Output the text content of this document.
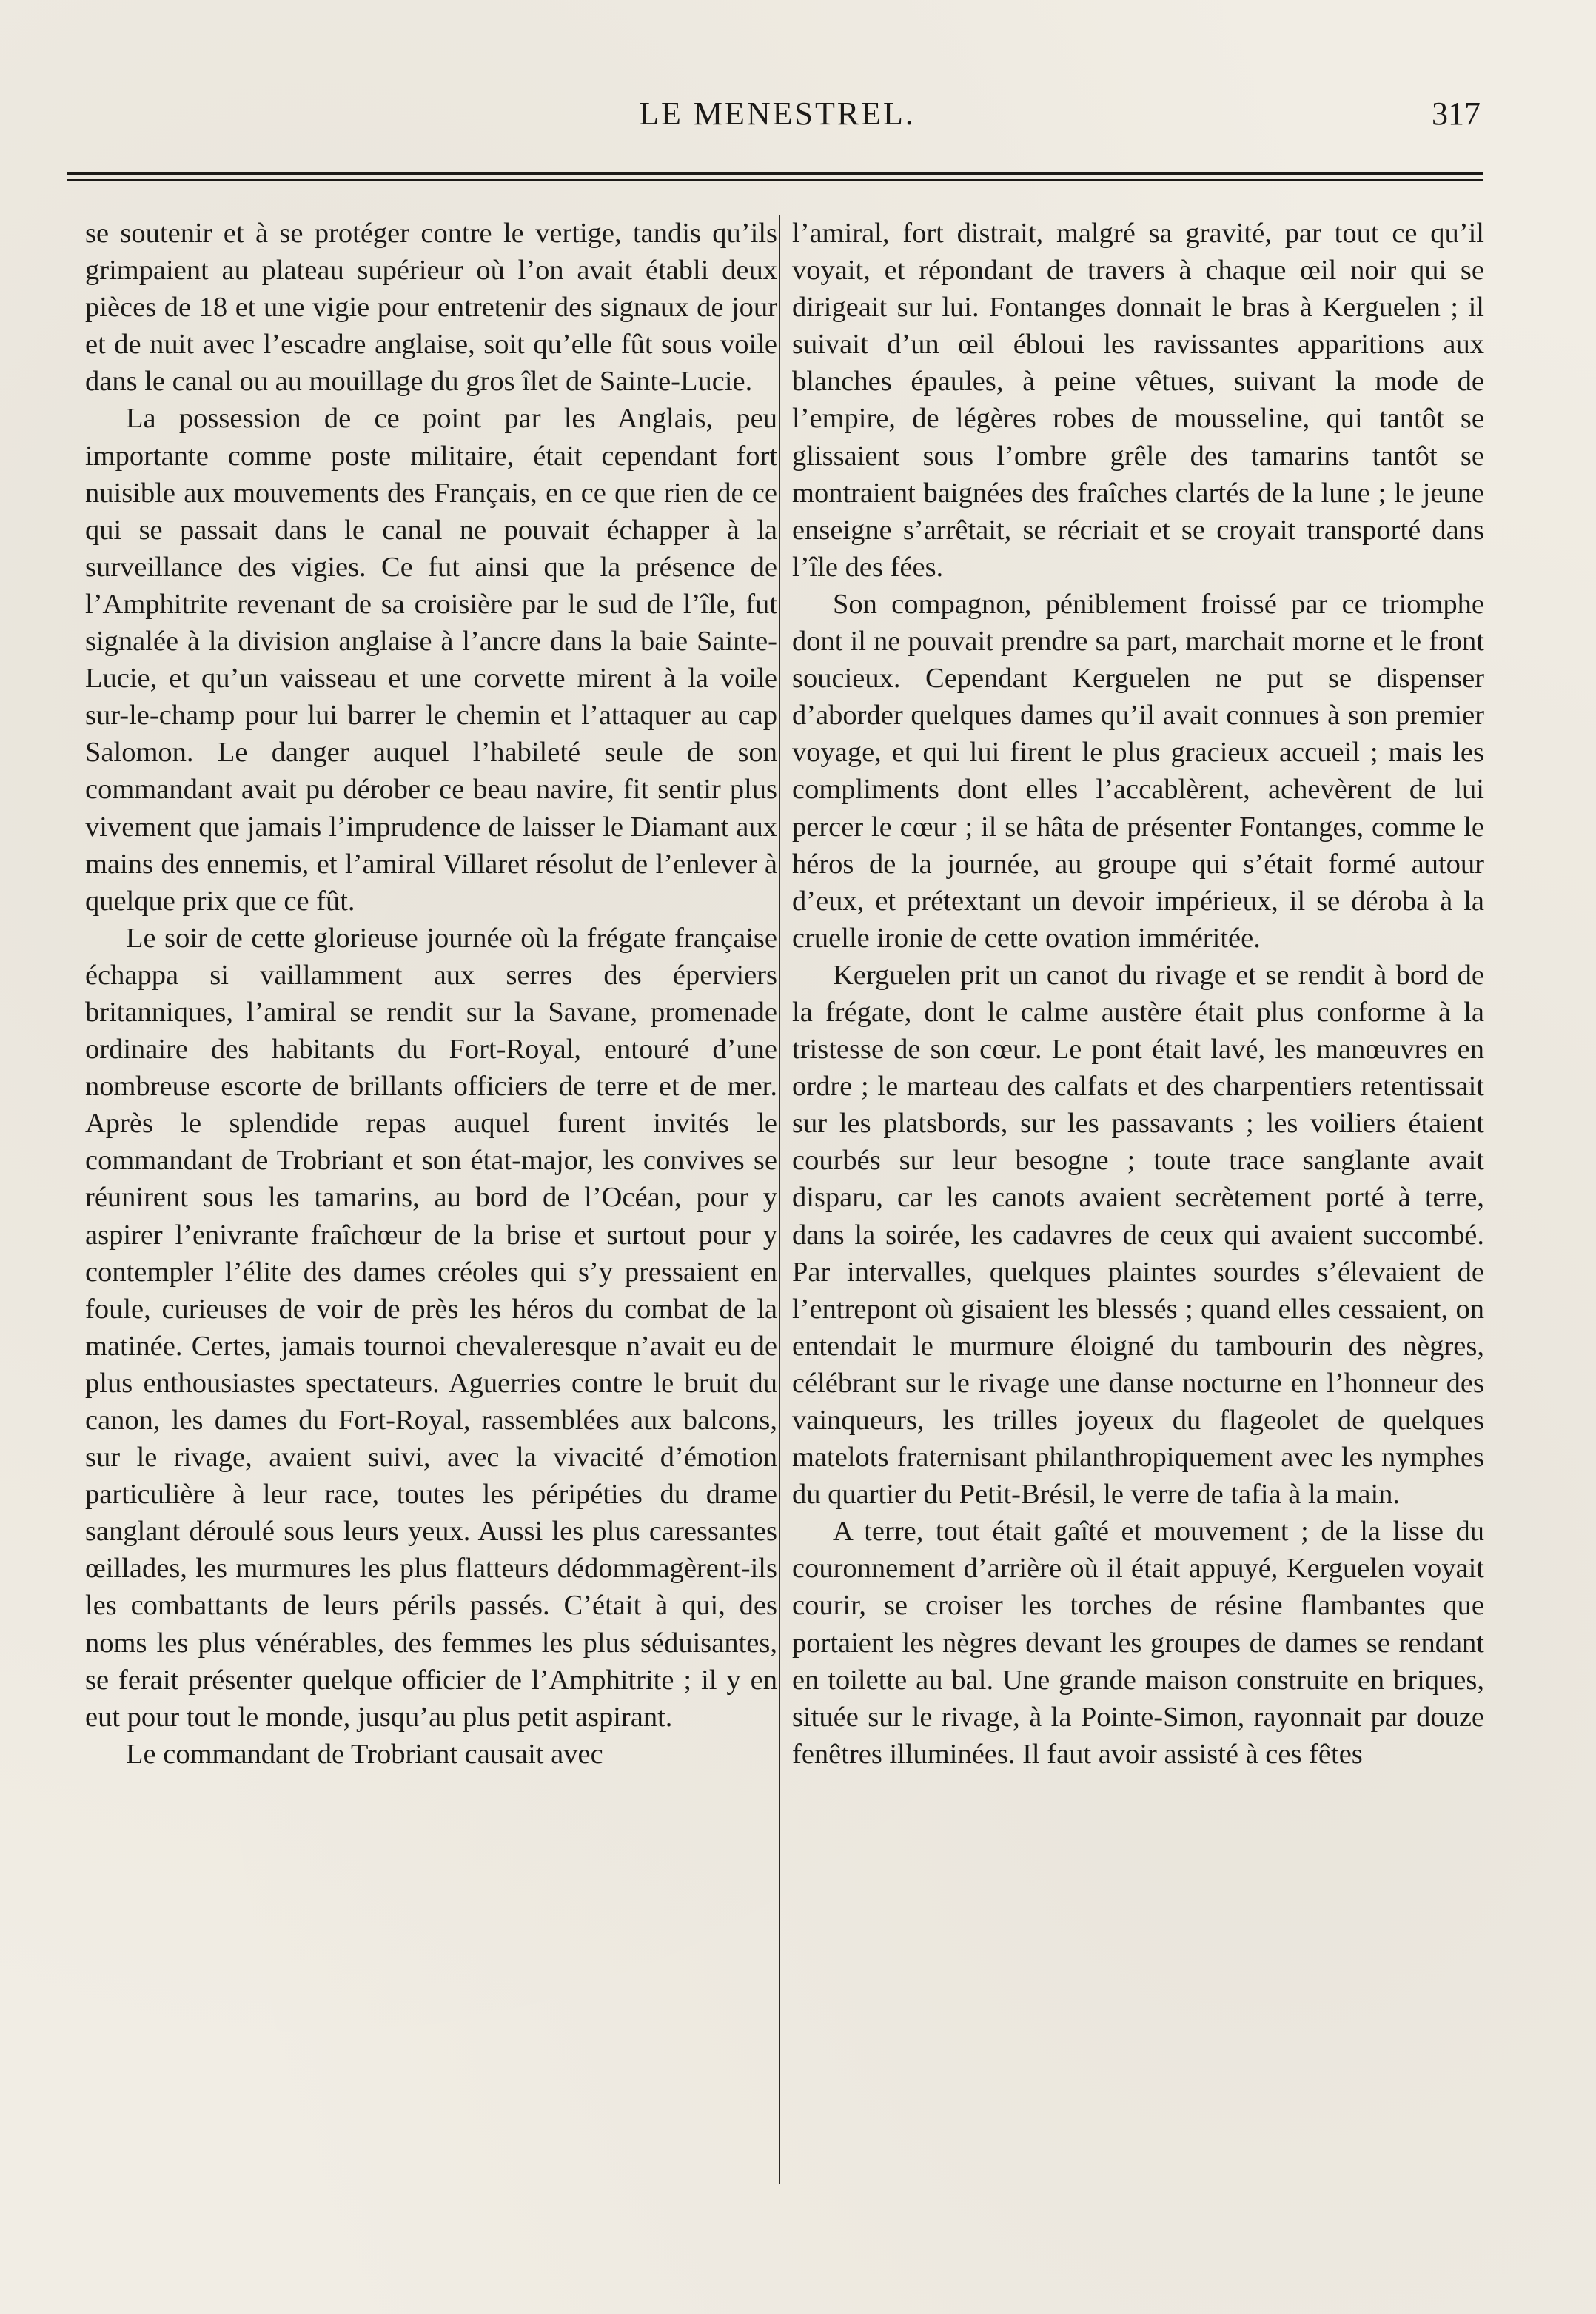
LE MENESTREL.	317

se soutenir et à se protéger contre le vertige, tandis qu’ils grimpaient au plateau supérieur où l’on avait établi deux pièces de 18 et une vigie pour entretenir des signaux de jour et de nuit avec l’escadre anglaise, soit qu’elle fût sous voile dans le canal ou au mouillage du gros îlet de Sainte-Lucie.

La possession de ce point par les Anglais, peu importante comme poste militaire, était cependant fort nuisible aux mouvements des Français, en ce que rien de ce qui se passait dans le canal ne pouvait échapper à la surveillance des vigies. Ce fut ainsi que la présence de l’Amphitrite revenant de sa croisière par le sud de l’île, fut signalée à la division anglaise à l’ancre dans la baie Sainte-Lucie, et qu’un vaisseau et une corvette mirent à la voile sur-le-champ pour lui barrer le chemin et l’attaquer au cap Salomon. Le danger auquel l’habileté seule de son commandant avait pu dérober ce beau navire, fit sentir plus vivement que jamais l’imprudence de laisser le Diamant aux mains des ennemis, et l’amiral Villaret résolut de l’enlever à quelque prix que ce fût.

Le soir de cette glorieuse journée où la frégate française échappa si vaillamment aux serres des éperviers britanniques, l’amiral se rendit sur la Savane, promenade ordinaire des habitants du Fort-Royal, entouré d’une nombreuse escorte de brillants officiers de terre et de mer. Après le splendide repas auquel furent invités le commandant de Trobriant et son état-major, les convives se réunirent sous les tamarins, au bord de l’Océan, pour y aspirer l’enivrante fraîchœur de la brise et surtout pour y contempler l’élite des dames créoles qui s’y pressaient en foule, curieuses de voir de près les héros du combat de la matinée. Certes, jamais tournoi chevaleresque n’avait eu de plus enthousiastes spectateurs. Aguerries contre le bruit du canon, les dames du Fort-Royal, rassemblées aux balcons, sur le rivage, avaient suivi, avec la vivacité d’émotion particulière à leur race, toutes les péripéties du drame sanglant déroulé sous leurs yeux. Aussi les plus caressantes œillades, les murmures les plus flatteurs dédommagèrent-ils les combattants de leurs périls passés. C’était à qui, des noms les plus vénérables, des femmes les plus séduisantes, se ferait présenter quelque officier de l’Amphitrite ; il y en eut pour tout le monde, jusqu’au plus petit aspirant.

Le commandant de Trobriant causait avec

l’amiral, fort distrait, malgré sa gravité, par tout ce qu’il voyait, et répondant de travers à chaque œil noir qui se dirigeait sur lui. Fontanges donnait le bras à Kerguelen ; il suivait d’un œil ébloui les ravissantes apparitions aux blanches épaules, à peine vêtues, suivant la mode de l’empire, de légères robes de mousseline, qui tantôt se glissaient sous l’ombre grêle des tamarins tantôt se montraient baignées des fraîches clartés de la lune ; le jeune enseigne s’arrêtait, se récriait et se croyait transporté dans l’île des fées.

Son compagnon, péniblement froissé par ce triomphe dont il ne pouvait prendre sa part, marchait morne et le front soucieux. Cependant Kerguelen ne put se dispenser d’aborder quelques dames qu’il avait connues à son premier voyage, et qui lui firent le plus gracieux accueil ; mais les compliments dont elles l’accablèrent, achevèrent de lui percer le cœur ; il se hâta de présenter Fontanges, comme le héros de la journée, au groupe qui s’était formé autour d’eux, et prétextant un devoir impérieux, il se déroba à la cruelle ironie de cette ovation imméritée.

Kerguelen prit un canot du rivage et se rendit à bord de la frégate, dont le calme austère était plus conforme à la tristesse de son cœur. Le pont était lavé, les manœuvres en ordre ; le marteau des calfats et des charpentiers retentissait sur les platsbords, sur les passavants ; les voiliers étaient courbés sur leur besogne ; toute trace sanglante avait disparu, car les canots avaient secrètement porté à terre, dans la soirée, les cadavres de ceux qui avaient succombé. Par intervalles, quelques plaintes sourdes s’élevaient de l’entrepont où gisaient les blessés ; quand elles cessaient, on entendait le murmure éloigné du tambourin des nègres, célébrant sur le rivage une danse nocturne en l’honneur des vainqueurs, les trilles joyeux du flageolet de quelques matelots fraternisant philanthropiquement avec les nymphes du quartier du Petit-Brésil, le verre de tafia à la main.

A terre, tout était gaîté et mouvement ; de la lisse du couronnement d’arrière où il était appuyé, Kerguelen voyait courir, se croiser les torches de résine flambantes que portaient les nègres devant les groupes de dames se rendant en toilette au bal. Une grande maison construite en briques, située sur le rivage, à la Pointe-Simon, rayonnait par douze fenêtres illuminées. Il faut avoir assisté à ces fêtes
